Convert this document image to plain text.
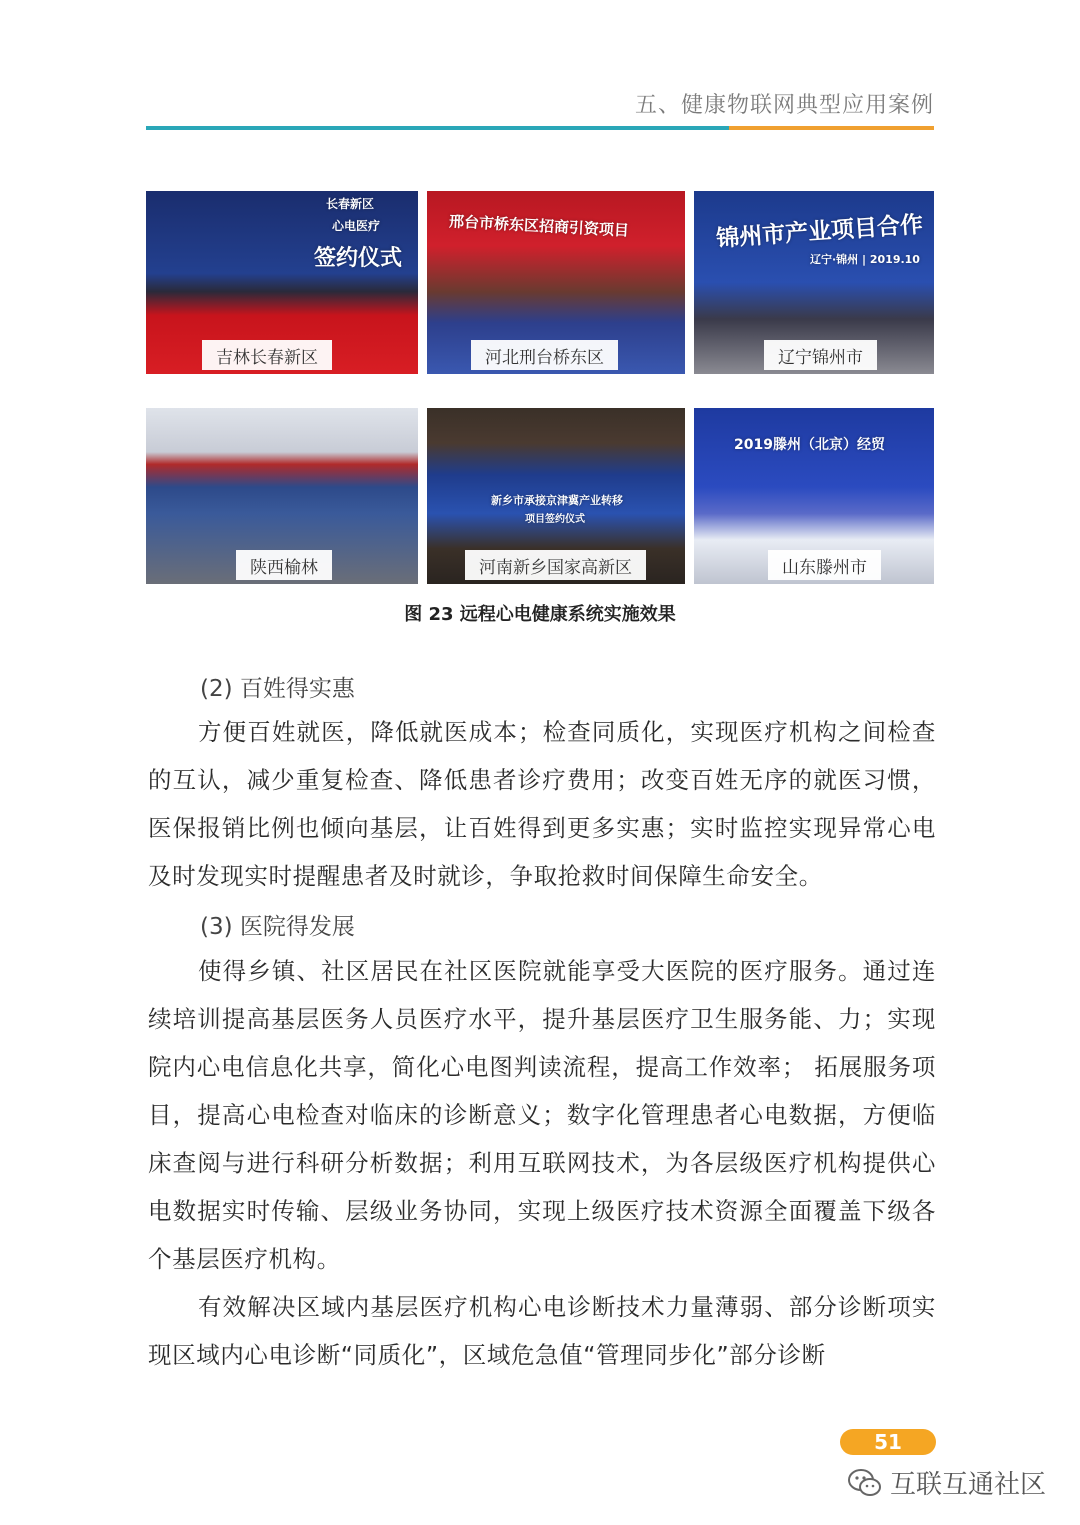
五、健康物联网典型应用案例
长春新区
心电医疗
签约仪式
吉林长春新区
邢台市桥东区招商引资项目
河北刑台桥东区
锦州市产业项目合作
辽宁·锦州 | 2019.10
辽宁锦州市
陕西榆林
新乡市承接京津冀产业转移
项目签约仪式
河南新乡国家高新区
2019滕州（北京）经贸
山东滕州市
图 23 远程心电健康系统实施效果
(2) 百姓得实惠
方便百姓就医，降低就医成本；检查同质化，实现医疗机构之间检查的互认，减少重复检查、降低患者诊疗费用；改变百姓无序的就医习惯，医保报销比例也倾向基层，让百姓得到更多实惠；实时监控实现异常心电及时发现实时提醒患者及时就诊，争取抢救时间保障生命安全。
(3) 医院得发展
使得乡镇、社区居民在社区医院就能享受大医院的医疗服务。通过连续培训提高基层医务人员医疗水平，提升基层医疗卫生服务能、力；实现院内心电信息化共享，简化心电图判读流程，提高工作效率； 拓展服务项目，提高心电检查对临床的诊断意义；数字化管理患者心电数据，方便临床查阅与进行科研分析数据；利用互联网技术，为各层级医疗机构提供心电数据实时传输、层级业务协同，实现上级医疗技术资源全面覆盖下级各个基层医疗机构。
有效解决区域内基层医疗机构心电诊断技术力量薄弱、部分诊断项实现区域内心电诊断“同质化”，区域危急值“管理同步化”部分诊断
51
互联互通社区
